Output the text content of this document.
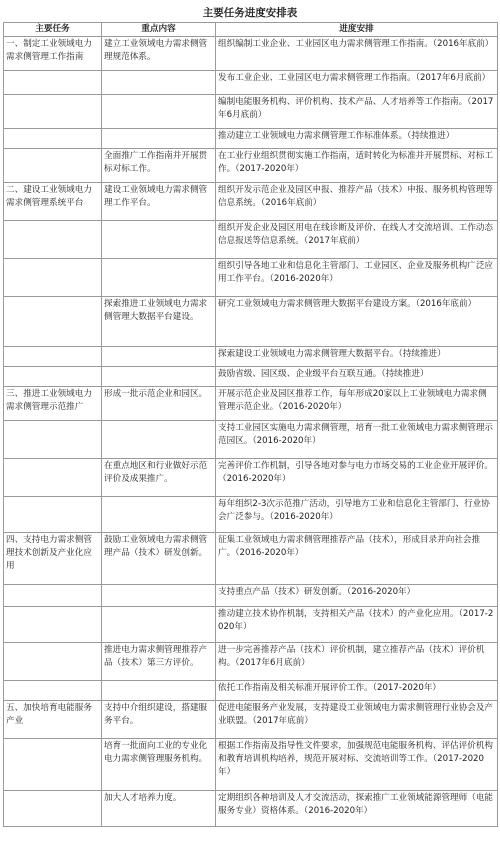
主要任务进度安排表
主要任务	重点内容	进度安排
一、制定工业领域电力需求侧管理工作指南	建立工业领域电力需求侧管理规范体系。	组织编制工业企业、工业园区电力需求侧管理工作指南。（2016年底前）
		发布工业企业、工业园区电力需求侧管理工作指南。（2017年6月底前）
		编制电能服务机构、评价机构、技术产品、人才培养等工作指南。（2017年6月底前）
		推动建立工业领域电力需求侧管理工作标准体系。（持续推进）
	全面推广工作指南并开展贯标对标工作。	在工业行业组织贯彻实施工作指南，适时转化为标准并开展贯标、对标工作。（2017-2020年）
二、建设工业领域电力需求侧管理系统平台	建设工业领域电力需求侧管理工作平台。	组织开发示范企业及园区申报、推荐产品（技术）申报、服务机构管理等信息系统。（2016年底前）
		组织开发企业及园区用电在线诊断及评价、在线人才交流培训、工作动态信息报送等信息系统。（2017年底前）
		组织引导各地工业和信息化主管部门、工业园区、企业及服务机构广泛应用工作平台。（2016-2020年）
	探索推进工业领域电力需求侧管理大数据平台建设。	研究工业领域电力需求侧管理大数据平台建设方案。（2016年底前）
		探索建设工业领域电力需求侧管理大数据平台。（持续推进）
		鼓励省级、园区级、企业级平台互联互通。（持续推进）
三、推进工业领域电力需求侧管理示范推广	形成一批示范企业和园区。	开展示范企业及园区推荐工作，每年形成20家以上工业领域电力需求侧管理示范企业。（2016-2020年）
		支持工业园区实施电力需求侧管理，培育一批工业领域电力需求侧管理示范园区。（2016-2020年）
	在重点地区和行业做好示范评价及成果推广。	完善评价工作机制，引导各地对参与电力市场交易的工业企业开展评价。（2016-2020年）
		每年组织2-3次示范推广活动，引导地方工业和信息化主管部门、行业协会广泛参与。（2016-2020年）
四、支持电力需求侧管理技术创新及产业化应用	鼓励工业领域电力需求侧管理产品（技术）研发创新。	征集工业领域电力需求侧管理推荐产品（技术），形成目录并向社会推广。（2016-2020年）
		支持重点产品（技术）研发创新。（2016-2020年）
		推动建立技术协作机制，支持相关产品（技术）的产业化应用。（2017-2020年）
	推进电力需求侧管理推荐产品（技术）第三方评价。	进一步完善推荐产品（技术）评价机制，建立推荐产品（技术）评价机构。（2017年6月底前）
		依托工作指南及相关标准开展评价工作。（2017-2020年）
五、加快培育电能服务产业	支持中介组织建设，搭建服务平台。	促进电能服务产业发展，支持建设工业领域电力需求侧管理行业协会及产业联盟。（2017年底前）
	培育一批面向工业的专业化电力需求侧管理服务机构。	根据工作指南及指导性文件要求，加强规范电能服务机构、评估评价机构和教育培训机构培养，规范开展对标、交流培训等工作。（2017-2020年）
	加大人才培养力度。	定期组织各种培训及人才交流活动，探索推广工业领域能源管理师（电能服务专业）资格体系。（2016-2020年）
